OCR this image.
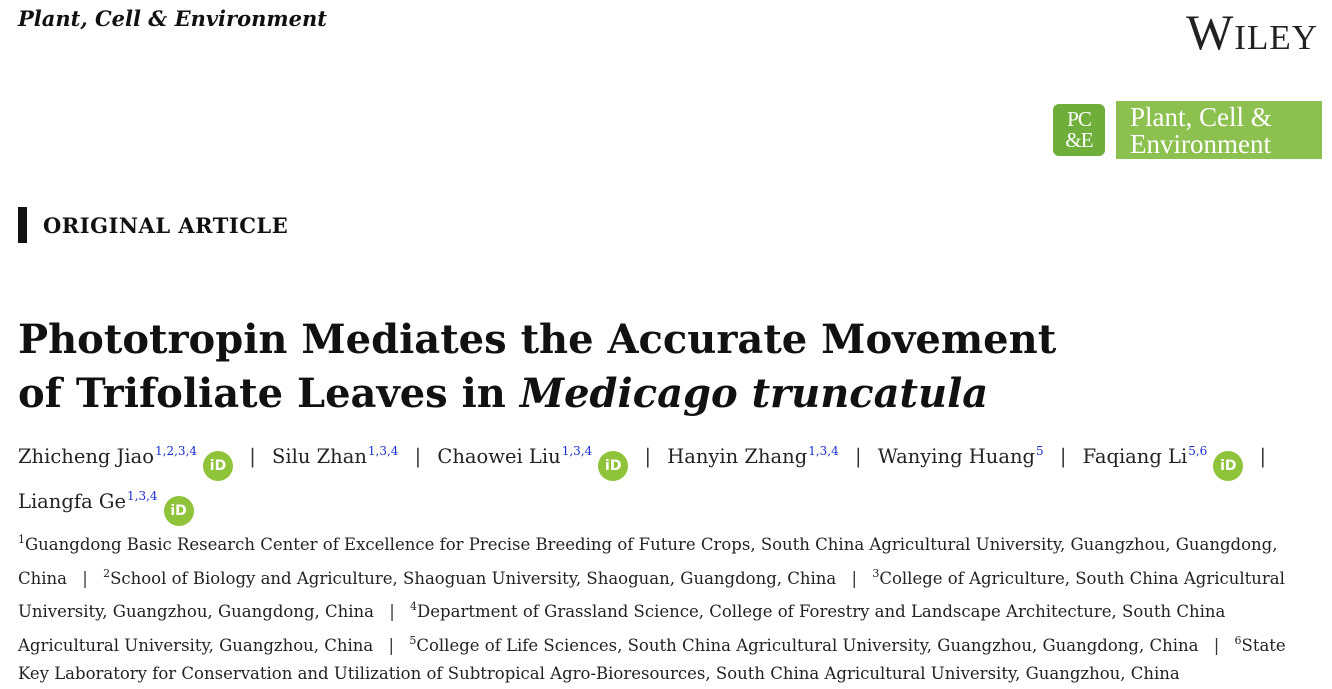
Plant, Cell & Environment	Wiley
PC
&E
Plant, Cell &
Environment
ORIGINAL ARTICLE
Phototropin Mediates the Accurate Movement
of Trifoliate Leaves in Medicago truncatula
Zhicheng Jiao$^{1,2,3,4}$iD | Silu Zhan$^{1,3,4}$ | Chaowei Liu$^{1,3,4}$iD | Hanyin Zhang$^{1,3,4}$ | Wanying Huang$^5$ | Faqiang Li$^{5,6}$iD | Liangfa Ge$^{1,3,4}$iD
$^1$Guangdong Basic Research Center of Excellence for Precise Breeding of Future Crops, South China Agricultural University, Guangzhou, Guangdong, China | $^2$School of Biology and Agriculture, Shaoguan University, Shaoguan, Guangdong, China | $^3$College of Agriculture, South China Agricultural University, Guangzhou, Guangdong, China | $^4$Department of Grassland Science, College of Forestry and Landscape Architecture, South China Agricultural University, Guangzhou, China | $^5$College of Life Sciences, South China Agricultural University, Guangzhou, Guangdong, China | $^6$State Key Laboratory for Conservation and Utilization of Subtropical Agro-Bioresources, South China Agricultural University, Guangzhou, China
